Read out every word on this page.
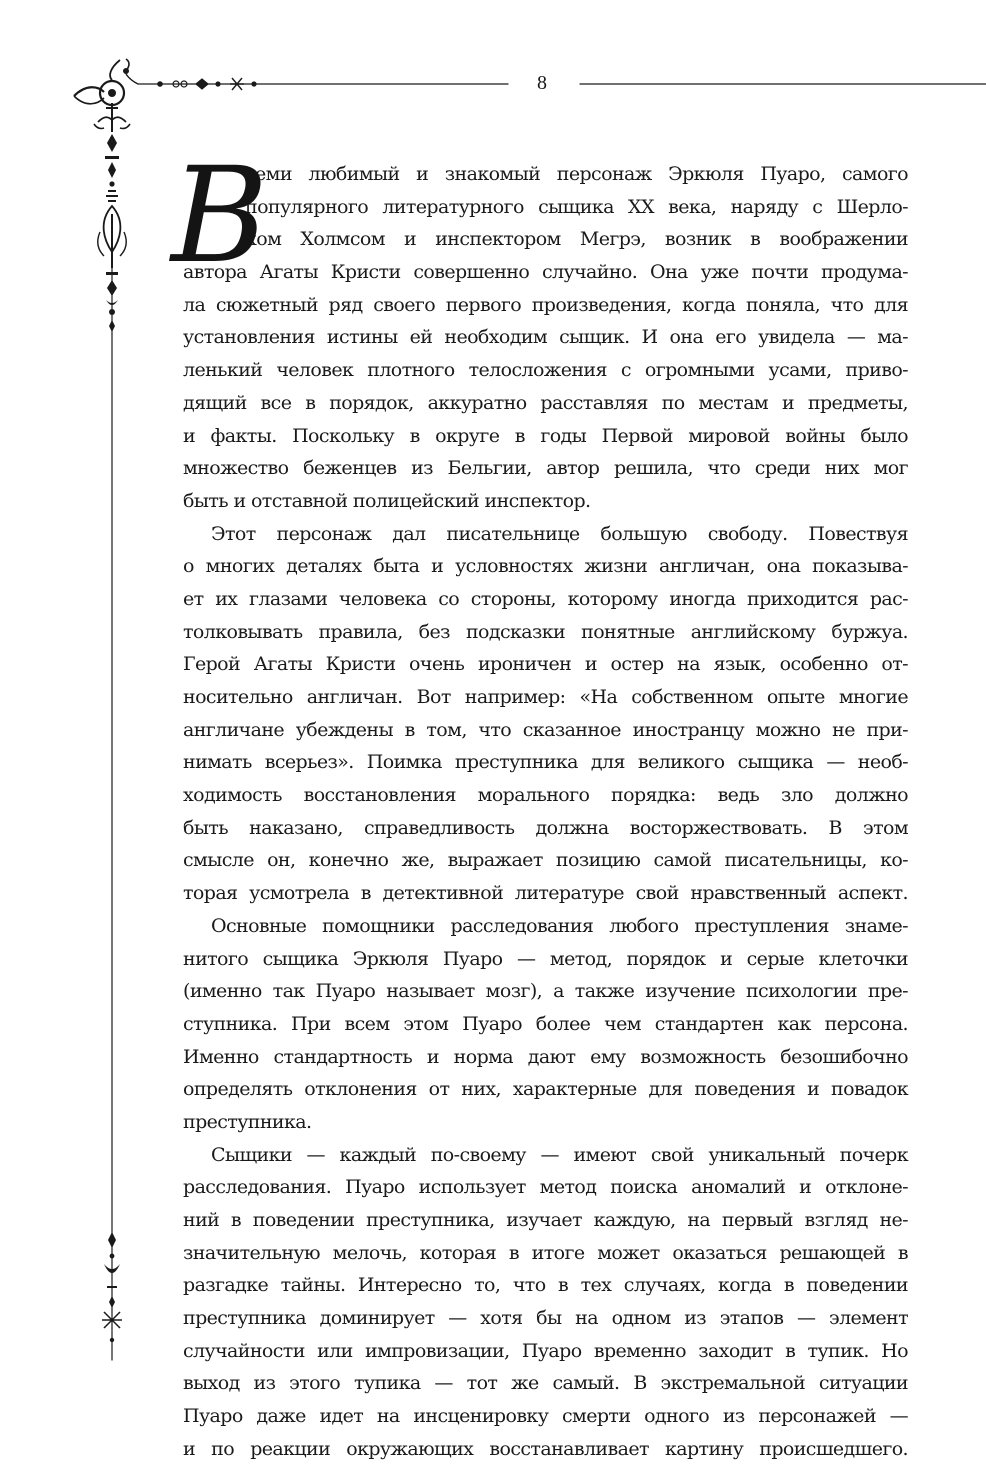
8
В
семи любимый и знакомый персонаж Эркюля Пуаро, самого
популярного литературного сыщика XX века, наряду с Шерло-
ком Холмсом и инспектором Мегрэ, возник в воображении
автора Агаты Кристи совершенно случайно. Она уже почти продума-
ла сюжетный ряд своего первого произведения, когда поняла, что для
установления истины ей необходим сыщик. И она его увидела — ма-
ленький человек плотного телосложения с огромными усами, приво-
дящий все в порядок, аккуратно расставляя по местам и предметы,
и факты. Поскольку в округе в годы Первой мировой войны было
множество беженцев из Бельгии, автор решила, что среди них мог
быть и отставной полицейский инспектор.
Этот персонаж дал писательнице большую свободу. Повествуя
о многих деталях быта и условностях жизни англичан, она показыва-
ет их глазами человека со стороны, которому иногда приходится рас-
толковывать правила, без подсказки понятные английскому буржуа.
Герой Агаты Кристи очень ироничен и остер на язык, особенно от-
носительно англичан. Вот например: «На собственном опыте многие
англичане убеждены в том, что сказанное иностранцу можно не при-
нимать всерьез». Поимка преступника для великого сыщика — необ-
ходимость восстановления морального порядка: ведь зло должно
быть наказано, справедливость должна восторжествовать. В этом
смысле он, конечно же, выражает позицию самой писательницы, ко-
торая усмотрела в детективной литературе свой нравственный аспект.
Основные помощники расследования любого преступления знаме-
нитого сыщика Эркюля Пуаро — метод, порядок и серые клеточки
(именно так Пуаро называет мозг), а также изучение психологии пре-
ступника. При всем этом Пуаро более чем стандартен как персона.
Именно стандартность и норма дают ему возможность безошибочно
определять отклонения от них, характерные для поведения и повадок
преступника.
Сыщики — каждый по-своему — имеют свой уникальный почерк
расследования. Пуаро использует метод поиска аномалий и отклоне-
ний в поведении преступника, изучает каждую, на первый взгляд не-
значительную мелочь, которая в итоге может оказаться решающей в
разгадке тайны. Интересно то, что в тех случаях, когда в поведении
преступника доминирует — хотя бы на одном из этапов — элемент
случайности или импровизации, Пуаро временно заходит в тупик. Но
выход из этого тупика — тот же самый. В экстремальной ситуации
Пуаро даже идет на инсценировку смерти одного из персонажей —
и по реакции окружающих восстанавливает картину происшедшего.
